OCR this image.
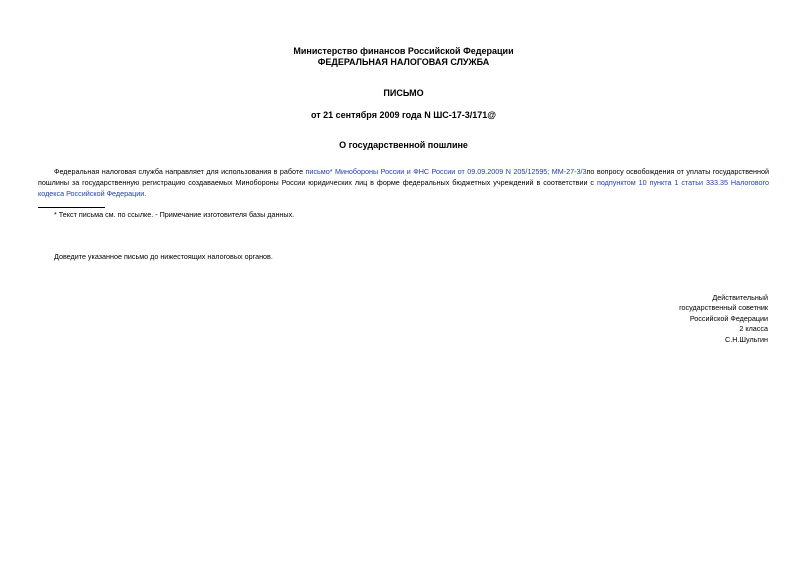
Министерство финансов Российской Федерации
ФЕДЕРАЛЬНАЯ НАЛОГОВАЯ СЛУЖБА
ПИСЬМО
от 21 сентября 2009 года N ШС-17-3/171@
О государственной пошлине
Федеральная налоговая служба направляет для использования в работе письмо* Минобороны России и ФНС России от 09.09.2009 N 205/12595; ММ-27-3/3по вопросу освобождения от уплаты государственной пошлины за государственную регистрацию создаваемых Минобороны России юридических лиц в форме федеральных бюджетных учреждений в соответствии с подпунктом 10 пункта 1 статьи 333.35 Налогового кодекса Российской Федерации.
* Текст письма см. по ссылке. - Примечание изготовителя базы данных.
Доведите указанное письмо до нижестоящих налоговых органов.
Действительный
государственный советник
Российской Федерации
2 класса
С.Н.Шульгин
